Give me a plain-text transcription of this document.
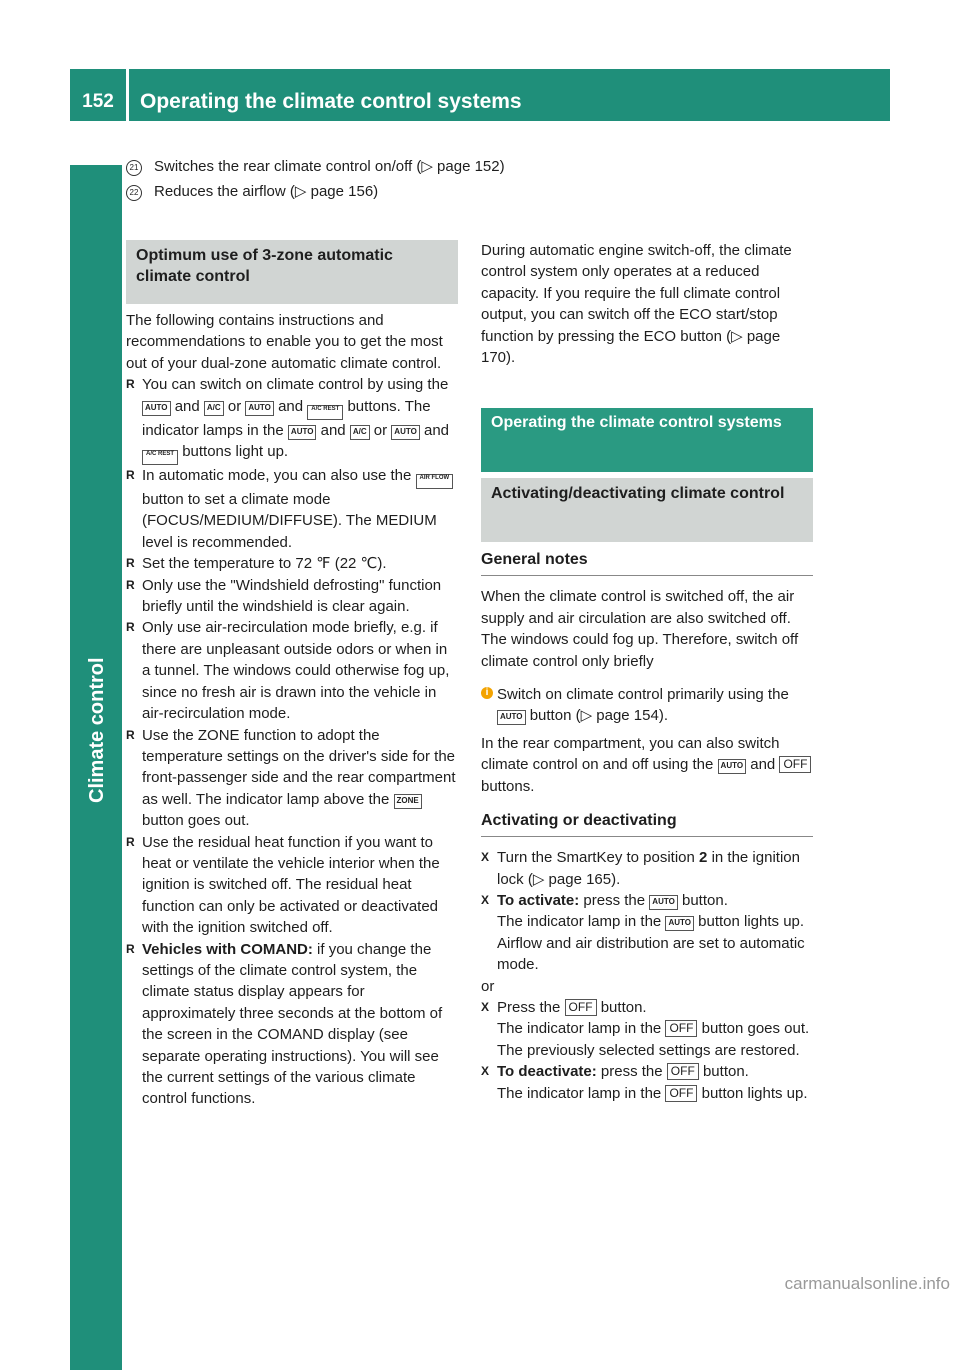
152	Operating the climate control systems
Climate control
21 Switches the rear climate control on/off (▷ page 152)
22 Reduces the airflow (▷ page 156)
Optimum use of 3-zone automatic climate control

The following contains instructions and recommendations to enable you to get the most out of your dual-zone automatic climate control.

R You can switch on climate control by using the AUTO and A/C or AUTO and A/C REST buttons. The indicator lamps in the AUTO and A/C or AUTO and A/C REST buttons light up.

R In automatic mode, you can also use the AIR FLOW button to set a climate mode (FOCUS/MEDIUM/DIFFUSE). The MEDIUM level is recommended.

R Set the temperature to 72 ‌℉ (22 ℃).

R Only use the "Windshield defrosting" function briefly until the windshield is clear again.

R Only use air-recirculation mode briefly, e.g. if there are unpleasant outside odors or when in a tunnel. The windows could otherwise fog up, since no fresh air is drawn into the vehicle in air-recirculation mode.

R Use the ZONE function to adopt the temperature settings on the driver's side for the front-passenger side and the rear compartment as well. The indicator lamp above the ZONE button goes out.

R Use the residual heat function if you want to heat or ventilate the vehicle interior when the ignition is switched off. The residual heat function can only be activated or deactivated with the ignition switched off.

R Vehicles with COMAND: if you change the settings of the climate control system, the climate status display appears for approximately three seconds at the bottom of the screen in the COMAND display (see separate operating instructions). You will see the current settings of the various climate control functions.

During automatic engine switch-off, the climate control system only operates at a reduced capacity. If you require the full climate control output, you can switch off the ECO start/stop function by pressing the ECO button (▷ page 170).

Operating the climate control systems
Activating/deactivating climate control
General notes

When the climate control is switched off, the air supply and air circulation are also switched off. The windows could fog up. Therefore, switch off climate control only briefly

i Switch on climate control primarily using the AUTO button (▷ page 154).

In the rear compartment, you can also switch climate control on and off using the AUTO and OFF buttons.

Activating or deactivating

X Turn the SmartKey to position 2 in the ignition lock (▷ page 165).

X To activate: press the AUTO button.
The indicator lamp in the AUTO button lights up. Airflow and air distribution are set to automatic mode.

or

X Press the OFF button.
The indicator lamp in the OFF button goes out. The previously selected settings are restored.

X To deactivate: press the OFF button.
The indicator lamp in the OFF button lights up.

carmanualsonline.info
